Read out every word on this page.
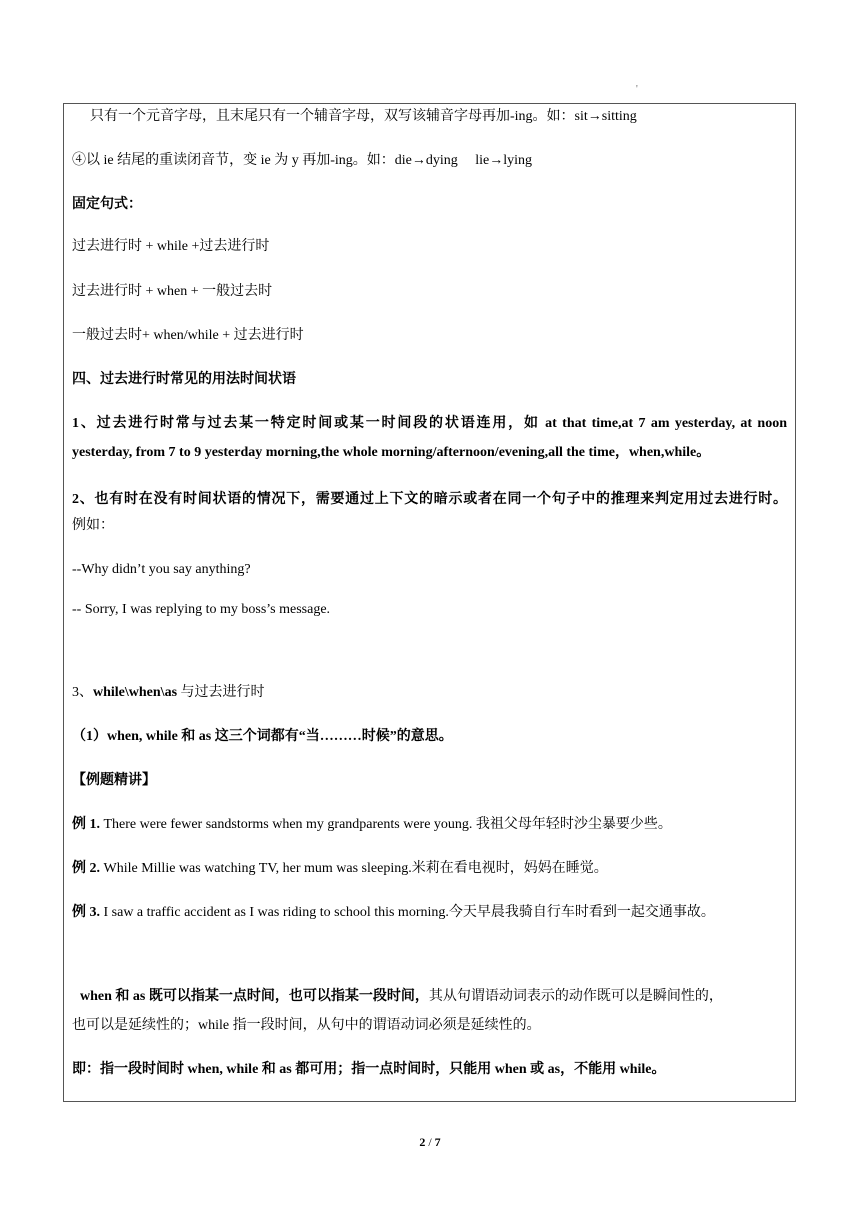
'
只有一个元音字母，且末尾只有一个辅音字母，双写该辅音字母再加-ing。如：sit→sitting
④以 ie 结尾的重读闭音节，变 ie 为 y 再加-ing。如：die→dying　 lie→lying
固定句式：
过去进行时 + while +过去进行时
过去进行时 + when + 一般过去时
一般过去时+ when/while + 过去进行时
四、过去进行时常见的用法时间状语
1、过去进行时常与过去某一特定时间或某一时间段的状语连用，如 at that time,at 7 am yesterday, at noon
yesterday, from 7 to 9 yesterday morning,the whole morning/afternoon/evening,all the time，when,while。
2、也有时在没有时间状语的情况下，需要通过上下文的暗示或者在同一个句子中的推理来判定用过去进行时。
例如：
--Why didn’t you say anything?
-- Sorry, I was replying to my boss’s message.
3、while\when\as 与过去进行时
（1）when, while 和 as 这三个词都有“当………时候”的意思。
【例题精讲】
例 1. There were fewer sandstorms when my grandparents were young. 我祖父母年轻时沙尘暴要少些。
例 2. While Millie was watching TV, her mum was sleeping.米莉在看电视时，妈妈在睡觉。
例 3. I saw a traffic accident as I was riding to school this morning.今天早晨我骑自行车时看到一起交通事故。
when 和 as 既可以指某一点时间，也可以指某一段时间，其从句谓语动词表示的动作既可以是瞬间性的，
也可以是延续性的；while 指一段时间，从句中的谓语动词必须是延续性的。
即：指一段时间时 when, while 和 as 都可用；指一点时间时，只能用 when 或 as，不能用 while。
2 / 7
